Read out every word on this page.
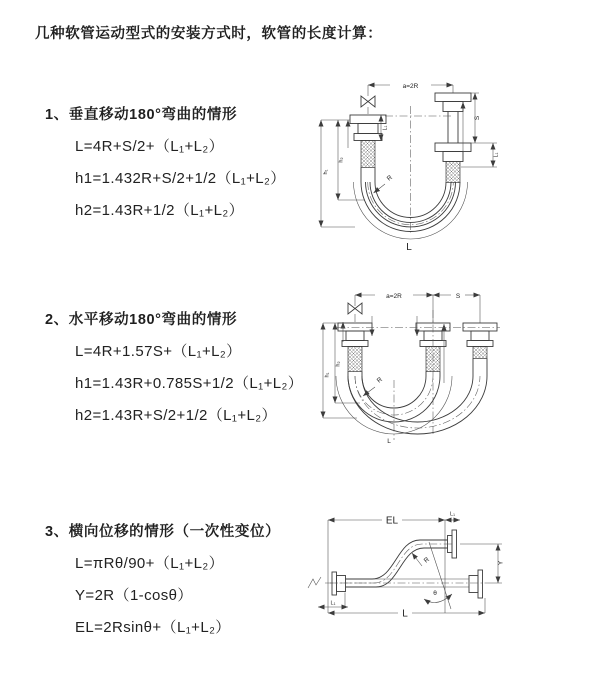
几种软管运动型式的安装方式时，软管的长度计算：
1、垂直移动180°弯曲的情形
L=4R+S/2+（L₁+L₂）
h1=1.432R+S/2+1/2（L₁+L₂）
h2=1.43R+1/2（L₁+L₂）
2、水平移动180°弯曲的情形
L=4R+1.57S+（L₁+L₂）
h1=1.43R+0.785S+1/2（L₁+L₂）
h2=1.43R+S/2+1/2（L₁+L₂）
3、横向位移的情形（一次性变位）
L=πRθ/90+（L₁+L₂）
Y=2R（1-cosθ）
EL=2Rsinθ+（L₁+L₂）
a=2R
L₁
S
L₁
h₁
h₂
R
L
a=2R	S
h₁
h₂
R
L
EL
L₁
Y
R
θ
L
L₁
